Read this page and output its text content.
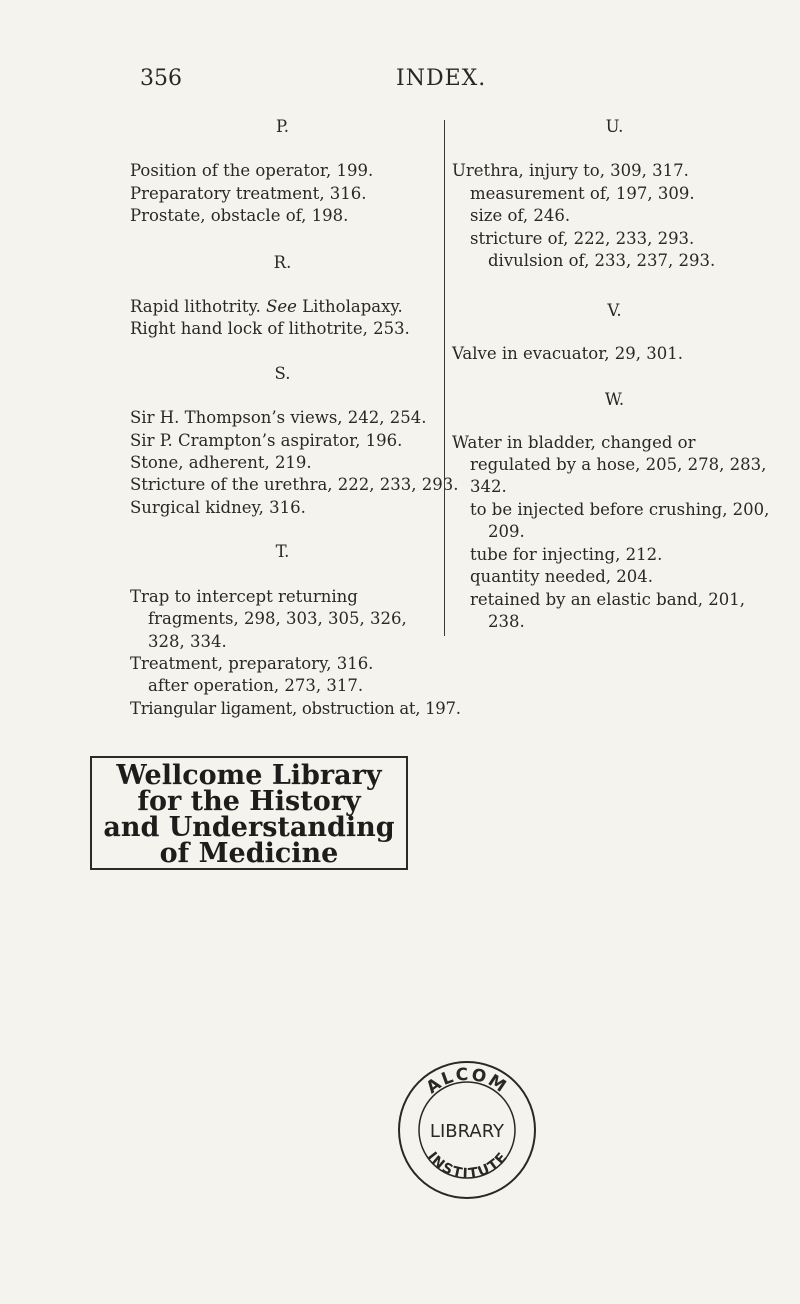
356	INDEX.

P.

Position of the operator, 199.

Preparatory treatment, 316.

Prostate, obstacle of, 198.

R.

Rapid lithotrity. See Litholapaxy.

Right hand lock of lithotrite, 253.

S.

Sir H. Thompson’s views, 242, 254.

Sir P. Crampton’s aspirator, 196.

Stone, adherent, 219.

Stricture of the urethra, 222, 233, 293.

Surgical kidney, 316.

T.

Trap to intercept returning fragments, 298, 303, 305, 326, 328, 334.

Treatment, preparatory, 316.

after operation, 273, 317.

Triangular ligament, obstruction at, 197.

U.

Urethra, injury to, 309, 317.

measurement of, 197, 309.

size of, 246.

stricture of, 222, 233, 293.

divulsion of, 233, 237, 293.

V.

Valve in evacuator, 29, 301.

W.

Water in bladder, changed or regulated by a hose, 205, 278, 283, 342.

to be injected before crushing, 200, 209.

tube for injecting, 212.

quantity needed, 204.

retained by an elastic band, 201, 238.

Wellcome Library
for the History
and Understanding
of Medicine
ALCOM
INSTITUTE
LIBRARY
